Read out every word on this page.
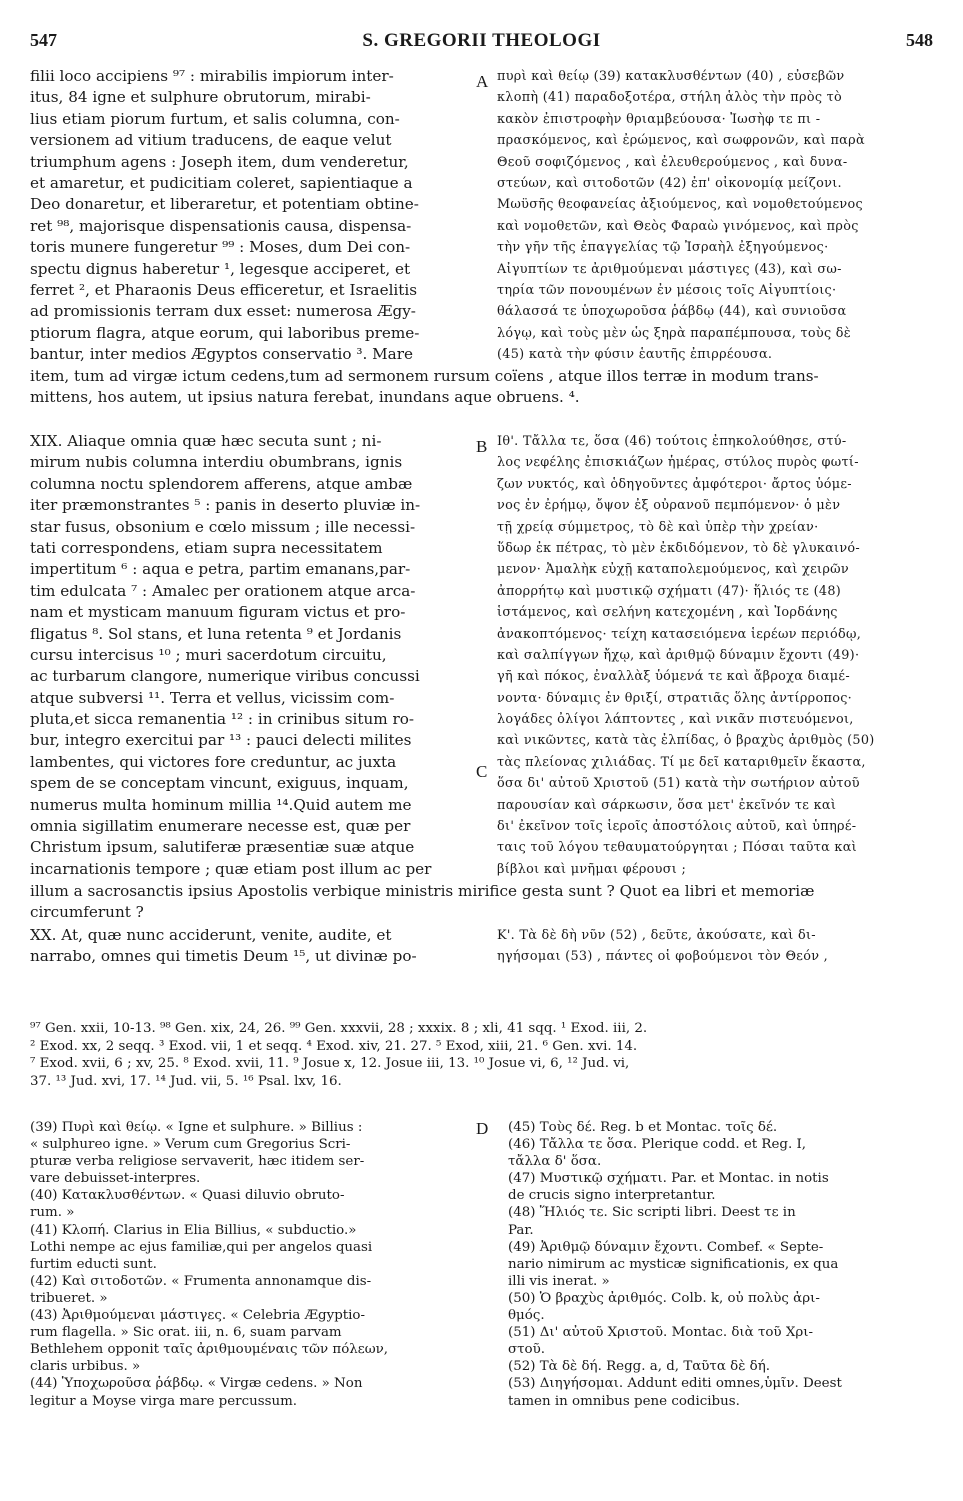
547	S. GREGORII THEOLOGI	548
A
B
C
D
filii loco accipiens ⁹⁷ : mirabilis impiorum inter-
itus, 84 igne et sulphure obrutorum, mirabi-
lius etiam piorum furtum, et salis columna, con-
versionem ad vitium traducens, de eaque velut
triumphum agens : Joseph item, dum venderetur,
et amaretur, et pudicitiam coleret, sapientiaque a
Deo donaretur, et liberaretur, et potentiam obtine-
ret ⁹⁸, majorisque dispensationis causa, dispensa-
toris munere fungeretur ⁹⁹ : Moses, dum Dei con-
spectu dignus haberetur ¹, legesque acciperet, et
ferret ², et Pharaonis Deus efficeretur, et Israelitis
ad promissionis terram dux esset: numerosa Ægy-
ptiorum flagra, atque eorum, qui laboribus preme-
bantur, inter medios Ægyptos conservatio ³. Mare
πυρὶ καὶ θείῳ (39) κατακλυσθέντων (40) , εὐσεβῶν
κλοπὴ (41) παραδοξοτέρα, στήλη ἁλὸς τὴν πρὸς τὸ
κακὸν ἐπιστροφὴν θριαμβεύουσα· Ἰωσὴφ τε πι -
πρασκόμενος, καὶ ἐρώμενος, καὶ σωφρονῶν, καὶ παρὰ
Θεοῦ σοφιζόμενος , καὶ ἐλευθερούμενος , καὶ δυνα-
στεύων, καὶ σιτοδοτῶν (42) ἐπ' οἰκονομίᾳ μείζονι.
Μωϋσῆς θεοφανείας ἀξιούμενος, καὶ νομοθετούμενος
καὶ νομοθετῶν, καὶ Θεὸς Φαραὼ γινόμενος, καὶ πρὸς
τὴν γῆν τῆς ἐπαγγελίας τῷ Ἰσραὴλ ἐξηγούμενος·
Αἰγυπτίων τε ἀριθμούμεναι μάστιγες (43), καὶ σω-
τηρία τῶν πονουμένων ἐν μέσοις τοῖς Αἰγυπτίοις·
θάλασσά τε ὑποχωροῦσα ῥάβδῳ (44), καὶ συνιοῦσα
λόγῳ, καὶ τοὺς μὲν ὡς ξηρὰ παραπέμπουσα, τοὺς δὲ
(45) κατὰ τὴν φύσιν ἑαυτῆς ἐπιρρέουσα.
item, tum ad virgæ ictum cedens,tum ad sermonem rursum coïens , atque illos terræ in modum trans-
mittens, hos autem, ut ipsius natura ferebat, inundans aque obruens. ⁴.
XIX. Aliaque omnia quæ hæc secuta sunt ; ni-
mirum nubis columna interdiu obumbrans, ignis
columna noctu splendorem afferens, atque ambæ
iter præmonstrantes ⁵ : panis in deserto pluviæ in-
star fusus, obsonium e cœlo missum ; ille necessi-
tati correspondens, etiam supra necessitatem
impertitum ⁶ : aqua e petra, partim emanans,par-
tim edulcata ⁷ : Amalec per orationem atque arca-
nam et mysticam manuum figuram victus et pro-
fligatus ⁸. Sol stans, et luna retenta ⁹ et Jordanis
cursu intercisus ¹⁰ ; muri sacerdotum circuitu,
ac turbarum clangore, numerique viribus concussi
atque subversi ¹¹. Terra et vellus, vicissim com-
pluta,et sicca remanentia ¹² : in crinibus situm ro-
bur, integro exercitui par ¹³ : pauci delecti milites
lambentes, qui victores fore creduntur, ac juxta
spem de se conceptam vincunt, exiguus, inquam,
numerus multa hominum millia ¹⁴.Quid autem me
omnia sigillatim enumerare necesse est, quæ per
Christum ipsum, salutiferæ præsentiæ suæ atque
incarnationis tempore ; quæ etiam post illum ac per
Ιθ'. Τἄλλα τε, ὅσα (46) τούτοις ἐπηκολούθησε, στύ-
λος νεφέλης ἐπισκιάζων ἡμέρας, στύλος πυρὸς φωτί-
ζων νυκτός, καὶ ὁδηγοῦντες ἀμφότεροι· ἄρτος ὑόμε-
νος ἐν ἐρήμῳ, ὄψον ἐξ οὐρανοῦ πεμπόμενον· ὁ μὲν
τῇ χρείᾳ σύμμετρος, τὸ δὲ καὶ ὑπὲρ τὴν χρείαν·
ὕδωρ ἐκ πέτρας, τὸ μὲν ἐκδιδόμενον, τὸ δὲ γλυκαινό-
μενον· Ἀμαλὴκ εὐχῇ καταπολεμούμενος, καὶ χειρῶν
ἀπορρήτῳ καὶ μυστικῷ σχήματι (47)· ἥλιός τε (48)
ἱστάμενος, καὶ σελήνη κατεχομένη , καὶ Ἰορδάνης
ἀνακοπτόμενος· τείχη κατασειόμενα ἱερέων περιόδῳ,
καὶ σαλπίγγων ἤχῳ, καὶ ἀριθμῷ δύναμιν ἔχοντι (49)·
γῆ καὶ πόκος, ἐναλλὰξ ὑόμενά τε καὶ ἄβροχα διαμέ-
νοντα· δύναμις ἐν θριξί, στρατιᾶς ὅλης ἀντίρροπος·
λογάδες ὀλίγοι λάπτοντες , καὶ νικᾶν πιστευόμενοι,
καὶ νικῶντες, κατὰ τὰς ἐλπίδας, ὁ βραχὺς ἀριθμὸς (50)
τὰς πλείονας χιλιάδας. Τί με δεῖ καταριθμεῖν ἕκαστα,
ὅσα δι' αὐτοῦ Χριστοῦ (51) κατὰ τὴν σωτήριον αὐτοῦ
παρουσίαν καὶ σάρκωσιν, ὅσα μετ' ἐκεῖνόν τε καὶ
δι' ἐκεῖνον τοῖς ἱεροῖς ἀποστόλοις αὐτοῦ, καὶ ὑπηρέ-
ταις τοῦ λόγου τεθαυματούργηται ; Πόσαι ταῦτα καὶ
βίβλοι καὶ μνῆμαι φέρουσι ;
illum a sacrosanctis ipsius Apostolis verbique ministris mirifice gesta sunt ? Quot ea libri et memoriæ
circumferunt ?
XX. At, quæ nunc acciderunt, venite, audite, et
narrabo, omnes qui timetis Deum ¹⁵, ut divinæ po-
Κ'. Τὰ δὲ δὴ νῦν (52) , δεῦτε, ἀκούσατε, καὶ δι-
ηγήσομαι (53) , πάντες οἱ φοβούμενοι τὸν Θεόν ,
⁹⁷ Gen. xxii, 10-13. ⁹⁸ Gen. xix, 24, 26. ⁹⁹ Gen. xxxvii, 28 ; xxxix. 8 ; xli, 41 sqq. ¹ Exod. iii, 2.
² Exod. xx, 2 seqq. ³ Exod. vii, 1 et seqq. ⁴ Exod. xiv, 21. 27. ⁵ Exod, xiii, 21. ⁶ Gen. xvi. 14.
⁷ Exod. xvii, 6 ; xv, 25. ⁸ Exod. xvii, 11. ⁹ Josue x, 12. Josue iii, 13. ¹⁰ Josue vi, 6, ¹² Jud. vi,
37. ¹³ Jud. xvi, 17. ¹⁴ Jud. vii, 5. ¹⁶ Psal. lxv, 16.
(39) Πυρὶ καὶ θείῳ. « Igne et sulphure. » Billius :
« sulphureo igne. » Verum cum Gregorius Scri-
pturæ verba religiose servaverit, hæc itidem ser-
vare debuisset-interpres.
(40) Κατακλυσθέντων. « Quasi diluvio obrutо-
rum. »
(41) Κλοπή. Clarius in Elia Billius, « subductio.»
Lothi nempe ac ejus familiæ,qui per angelos quasi
furtim educti sunt.
(42) Καὶ σιτοδοτῶν. « Frumenta annonamque dis-
tribueret. »
(43) Ἀριθμούμεναι μάστιγες. « Celebria Ægyptio-
rum flagella. » Sic orat. iii, n. 6, suam parvam
Bethlehem opponit ταῖς ἀριθμουμέναις τῶν πόλεων,
claris urbibus. »
(44) Ὑποχωροῦσα ῥάβδῳ. « Virgæ cedens. » Non
legitur a Moyse virga mare percussum.
(45) Τοὺς δέ. Reg. b et Montac. τοῖς δέ.
(46) Τἄλλα τε ὅσα. Plerique codd. et Reg. I,
τἄλλα δ' ὅσα.
(47) Μυστικῷ σχήματι. Par. et Montac. in notis
de crucis signo interpretantur.
(48) Ἥλιός τε. Sic scripti libri. Deest τε in
Par.
(49) Ἀριθμῷ δύναμιν ἔχοντι. Combef. « Septe-
nario nimirum ac mysticæ significationis, ex qua
illi vis inerat. »
(50) Ὁ βραχὺς ἀριθμός. Colb. k, οὐ πολὺς ἀρι-
θμός.
(51) Δι' αὐτοῦ Χριστοῦ. Montac. διὰ τοῦ Χρι-
στοῦ.
(52) Τὰ δὲ δή. Regg. a, d, Ταῦτα δὲ δή.
(53) Διηγήσομαι. Addunt editi omnes,ὑμῖν. Deest
tamen in omnibus pene codicibus.
